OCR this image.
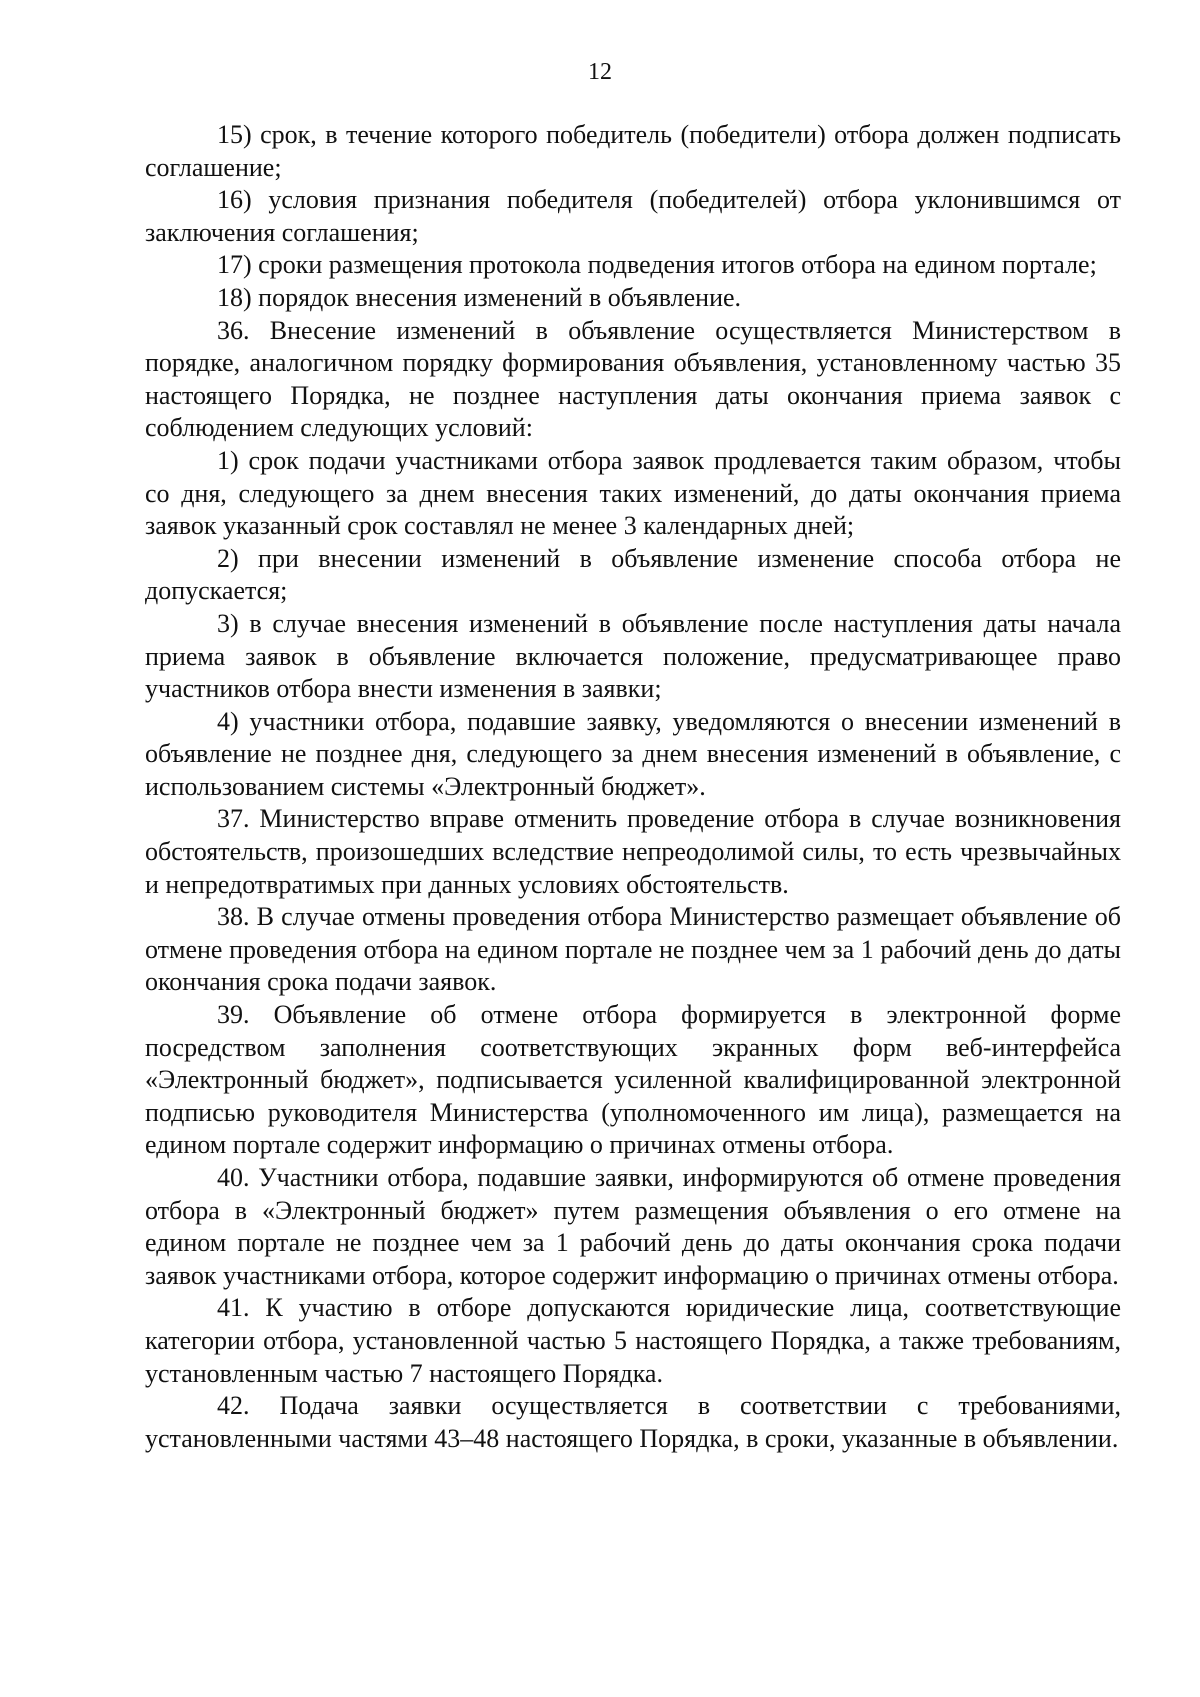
12

15) срок, в течение которого победитель (победители) отбора должен подписать соглашение;

16) условия признания победителя (победителей) отбора уклонившимся от заключения соглашения;

17) сроки размещения протокола подведения итогов отбора на едином портале;

18) порядок внесения изменений в объявление.

36. Внесение изменений в объявление осуществляется Министерством в порядке, аналогичном порядку формирования объявления, установленному частью 35 настоящего Порядка, не позднее наступления даты окончания приема заявок с соблюдением следующих условий:

1) срок подачи участниками отбора заявок продлевается таким образом, чтобы со дня, следующего за днем внесения таких изменений, до даты окончания приема заявок указанный срок составлял не менее 3 календарных дней;

2) при внесении изменений в объявление изменение способа отбора не допускается;

3) в случае внесения изменений в объявление после наступления даты начала приема заявок в объявление включается положение, предусматривающее право участников отбора внести изменения в заявки;

4) участники отбора, подавшие заявку, уведомляются о внесении изменений в объявление не позднее дня, следующего за днем внесения изменений в объявление, с использованием системы «Электронный бюджет».

37. Министерство вправе отменить проведение отбора в случае возникновения обстоятельств, произошедших вследствие непреодолимой силы, то есть чрезвычайных и непредотвратимых при данных условиях обстоятельств.

38. В случае отмены проведения отбора Министерство размещает объявление об отмене проведения отбора на едином портале не позднее чем за 1 рабочий день до даты окончания срока подачи заявок.

39. Объявление об отмене отбора формируется в электронной форме посредством заполнения соответствующих экранных форм веб-интерфейса «Электронный бюджет», подписывается усиленной квалифицированной электронной подписью руководителя Министерства (уполномоченного им лица), размещается на едином портале содержит информацию о причинах отмены отбора.

40. Участники отбора, подавшие заявки, информируются об отмене проведения отбора в «Электронный бюджет» путем размещения объявления о его отмене на едином портале не позднее чем за 1 рабочий день до даты окончания срока подачи заявок участниками отбора, которое содержит информацию о причинах отмены отбора.

41. К участию в отборе допускаются юридические лица, соответствующие категории отбора, установленной частью 5 настоящего Порядка, а также требованиям, установленным частью 7 настоящего Порядка.

42. Подача заявки осуществляется в соответствии с требованиями, установленными частями 43–48 настоящего Порядка, в сроки, указанные в объявлении.
